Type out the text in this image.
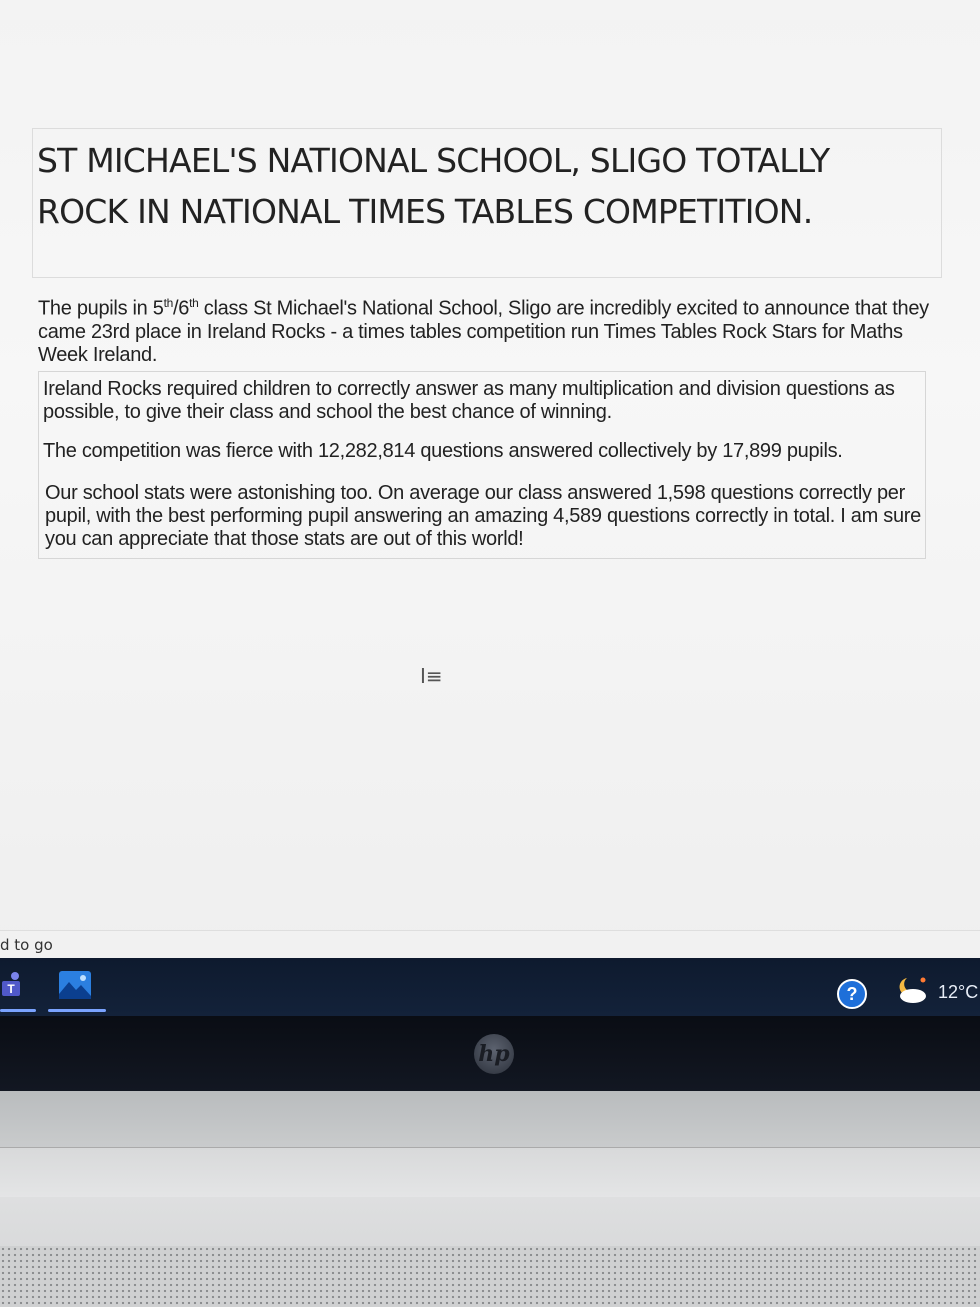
ST MICHAEL'S NATIONAL SCHOOL, SLIGO TOTALLY
ROCK IN NATIONAL TIMES TABLES COMPETITION.
The pupils in 5th/6th class St Michael's National School, Sligo are incredibly excited to announce that they came 23rd place in Ireland Rocks - a times tables competition run Times Tables Rock Stars for Maths Week Ireland.
Ireland Rocks required children to correctly answer as many multiplication and division questions as possible, to give their class and school the best chance of winning.
The competition was fierce with 12,282,814 questions answered collectively by 17,899 pupils.
Our school stats were astonishing too. On average our class answered 1,598 questions correctly per pupil, with the best performing pupil answering an amazing 4,589 questions correctly in total. I am sure you can appreciate that those stats are out of this world!
I≡
d to go
T	?	12°C
hp
